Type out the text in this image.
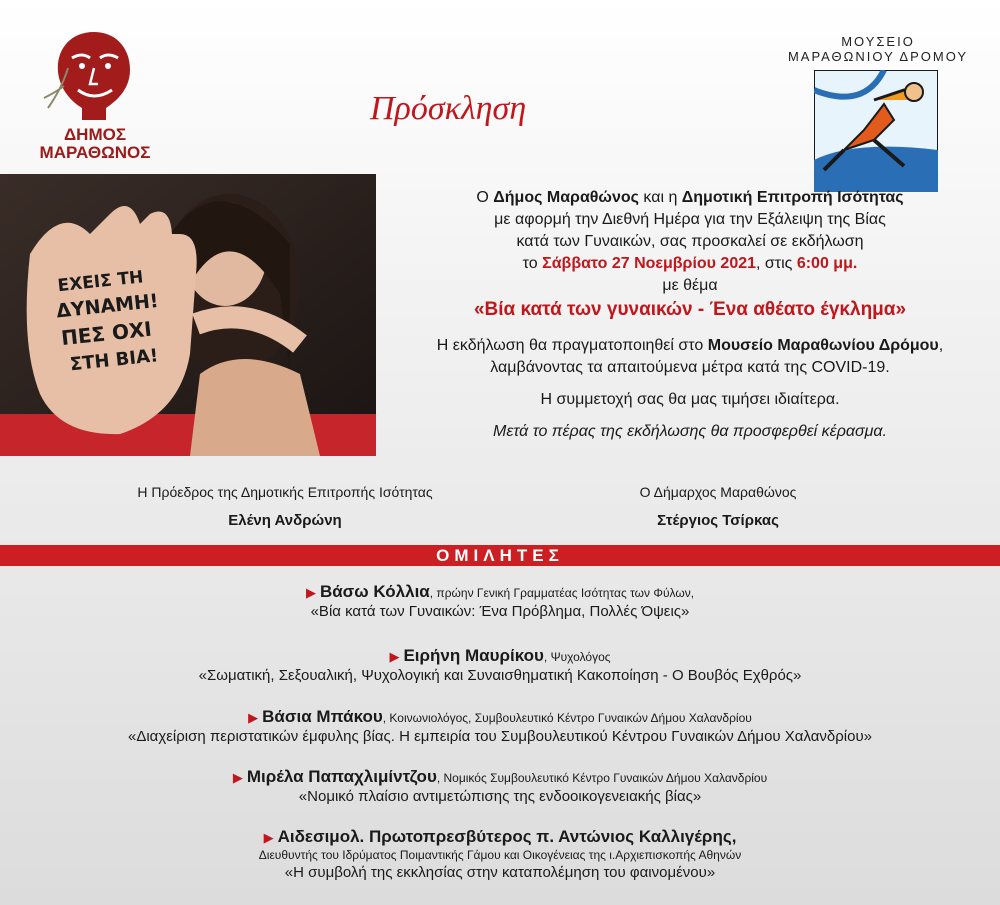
ΔΗΜΟΣ
ΜΑΡΑΘΩΝΟΣ
Πρόσκληση
ΜΟΥΣΕΙΟ
ΜΑΡΑΘΩΝΙΟΥ ΔΡΟΜΟΥ
ΕΧΕΙΣ ΤΗ
ΔΥΝΑΜΗ!
ΠΕΣ ΟΧΙ
ΣΤΗ ΒΙΑ!

Ο Δήμος Μαραθώνος και η Δημοτική Επιτροπή Ισότητας

με αφορμή την Διεθνή Ημέρα για την Εξάλειψη της Βίας

κατά των Γυναικών, σας προσκαλεί σε εκδήλωση

το Σάββατο 27 Νοεμβρίου 2021, στις 6:00 μμ.

με θέμα

«Βία κατά των γυναικών - Ένα αθέατο έγκλημα»

Η εκδήλωση θα πραγματοποιηθεί στο Μουσείο Μαραθωνίου Δρόμου,

λαμβάνοντας τα απαιτούμενα μέτρα κατά της COVID-19.

Η συμμετοχή σας θα μας τιμήσει ιδιαίτερα.

Μετά το πέρας της εκδήλωσης θα προσφερθεί κέρασμα.

Η Πρόεδρος της Δημοτικής Επιτροπής Ισότητας
Ελένη Ανδρώνη
Ο Δήμαρχος Μαραθώνος
Στέργιος Τσίρκας
ΟΜΙΛΗΤΕΣ
▶ Βάσω Κόλλια, πρώην Γενική Γραμματέας Ισότητας των Φύλων,
«Βία κατά των Γυναικών: Ένα Πρόβλημα, Πολλές Όψεις»
▶ Ειρήνη Μαυρίκου, Ψυχολόγος
«Σωματική, Σεξουαλική, Ψυχολογική και Συναισθηματική Κακοποίηση - Ο Βουβός Εχθρός»
▶ Βάσια Μπάκου, Κοινωνιολόγος, Συμβουλευτικό Κέντρο Γυναικών Δήμου Χαλανδρίου
«Διαχείριση περιστατικών έμφυλης βίας. Η εμπειρία του Συμβουλευτικού Κέντρου Γυναικών Δήμου Χαλανδρίου»
▶ Μιρέλα Παπαχλιμίντζου, Νομικός Συμβουλευτικό Κέντρο Γυναικών Δήμου Χαλανδρίου
«Νομικό πλαίσιο αντιμετώπισης της ενδοοικογενειακής βίας»
▶ Αιδεσιμολ. Πρωτοπρεσβύτερος π. Αντώνιος Καλλιγέρης,
Διευθυντής του Ιδρύματος Ποιμαντικής Γάμου και Οικογένειας της ι.Αρχιεπισκοπής Αθηνών
«Η συμβολή της εκκλησίας στην καταπολέμηση του φαινομένου»
